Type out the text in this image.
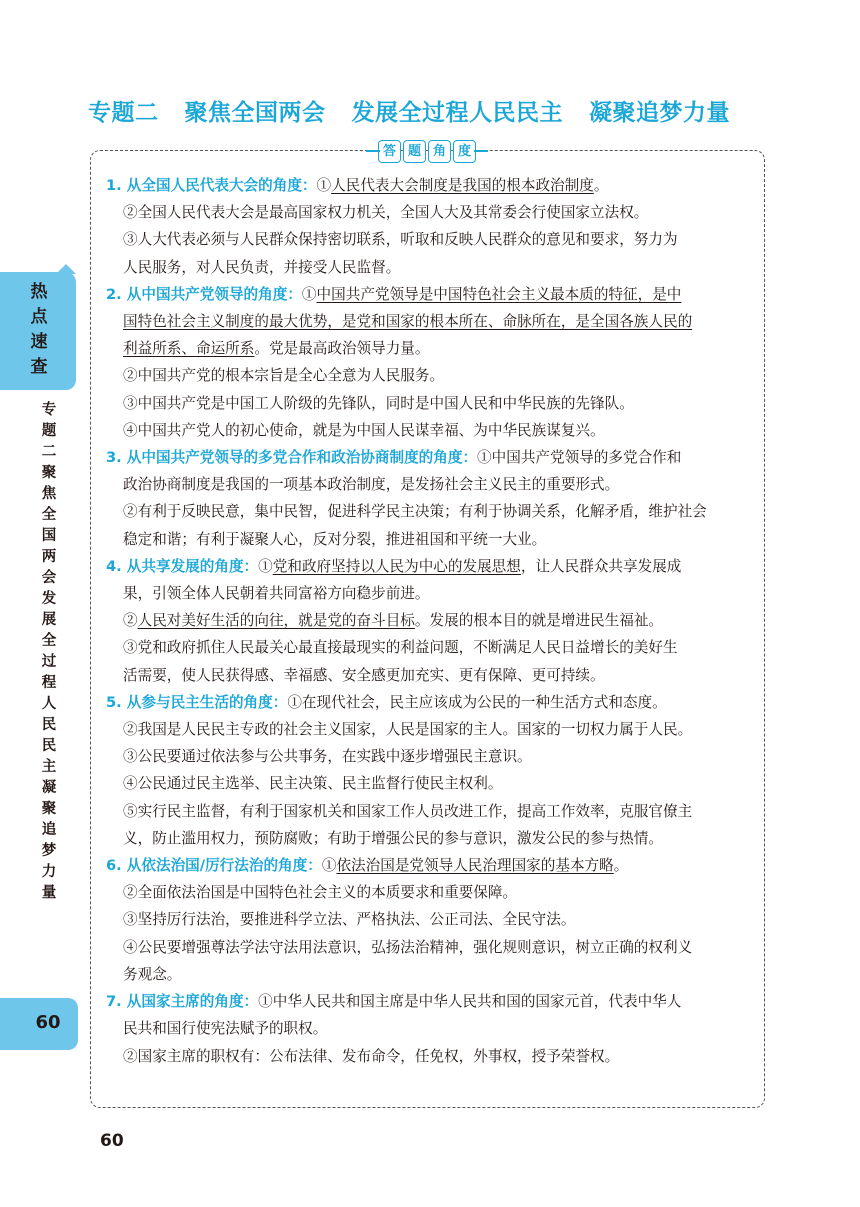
专题二 聚焦全国两会 发展全过程人民民主 凝聚追梦力量
答 题 角 度
1. 从全国人民代表大会的角度：①人民代表大会制度是我国的根本政治制度。
②全国人民代表大会是最高国家权力机关，全国人大及其常委会行使国家立法权。
③人大代表必须与人民群众保持密切联系，听取和反映人民群众的意见和要求，努力为
人民服务，对人民负责，并接受人民监督。
2. 从中国共产党领导的角度：①中国共产党领导是中国特色社会主义最本质的特征，是中
国特色社会主义制度的最大优势，是党和国家的根本所在、命脉所在，是全国各族人民的
利益所系、命运所系。党是最高政治领导力量。
②中国共产党的根本宗旨是全心全意为人民服务。
③中国共产党是中国工人阶级的先锋队，同时是中国人民和中华民族的先锋队。
④中国共产党人的初心使命，就是为中国人民谋幸福、为中华民族谋复兴。
3. 从中国共产党领导的多党合作和政治协商制度的角度：①中国共产党领导的多党合作和
政治协商制度是我国的一项基本政治制度，是发扬社会主义民主的重要形式。
②有利于反映民意，集中民智，促进科学民主决策；有利于协调关系，化解矛盾，维护社会
稳定和谐；有利于凝聚人心，反对分裂，推进祖国和平统一大业。
4. 从共享发展的角度：①党和政府坚持以人民为中心的发展思想，让人民群众共享发展成
果，引领全体人民朝着共同富裕方向稳步前进。
②人民对美好生活的向往，就是党的奋斗目标。发展的根本目的就是增进民生福祉。
③党和政府抓住人民最关心最直接最现实的利益问题，不断满足人民日益增长的美好生
活需要，使人民获得感、幸福感、安全感更加充实、更有保障、更可持续。
5. 从参与民主生活的角度：①在现代社会，民主应该成为公民的一种生活方式和态度。
②我国是人民民主专政的社会主义国家，人民是国家的主人。国家的一切权力属于人民。
③公民要通过依法参与公共事务，在实践中逐步增强民主意识。
④公民通过民主选举、民主决策、民主监督行使民主权利。
⑤实行民主监督，有利于国家机关和国家工作人员改进工作，提高工作效率，克服官僚主
义，防止滥用权力，预防腐败；有助于增强公民的参与意识，激发公民的参与热情。
6. 从依法治国/厉行法治的角度：①依法治国是党领导人民治理国家的基本方略。
②全面依法治国是中国特色社会主义的本质要求和重要保障。
③坚持厉行法治，要推进科学立法、严格执法、公正司法、全民守法。
④公民要增强尊法学法守法用法意识，弘扬法治精神，强化规则意识，树立正确的权利义
务观念。
7. 从国家主席的角度：①中华人民共和国主席是中华人民共和国的国家元首，代表中华人
民共和国行使宪法赋予的职权。
②国家主席的职权有：公布法律、发布命令，任免权，外事权，授予荣誉权。
热点速查
专题二 聚焦全国两会 发展全过程人民民主 凝聚追梦力量
60
60
